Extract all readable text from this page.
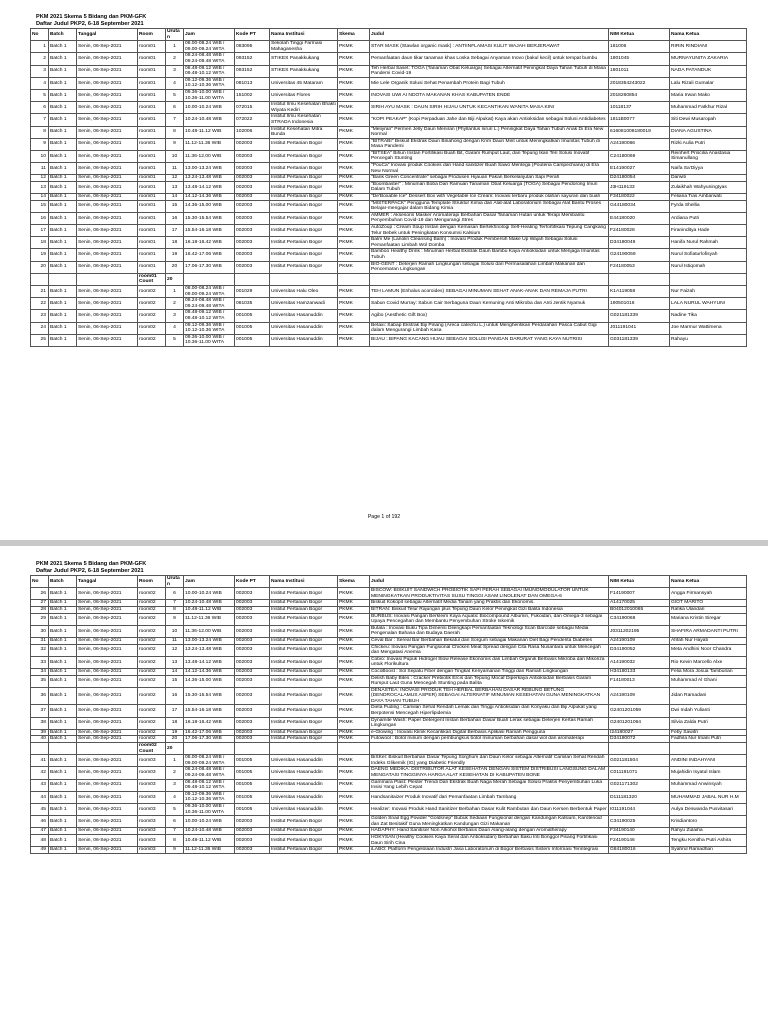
PKM 2021 Skema 5 Bidang dan PKM-GFK
Daftar Judul PKP2, 6-18 September 2021
No	Batch	Tanggal	Room	Urutan	Jam	Kode PT	Nama Institusi	Skema	Judul	NIM Ketua	Nama Ketua
1	Batch 1	Senin, 06-Sep-2021	room01	1	08.00-08.24 WIB / 09.00-09.24 WITA	083095	Sekolah Tinggi Farmasi Mahaganesha	PKMK	STAR MASK (Stawlan organic mask) : ANTIINFLAMASI KULIT WAJAH BERJERAWAT	181006	RIRIN RINDIANI
2	Batch 1	Senin, 06-Sep-2021	room01	2	08.24-08.48 WIB / 09.24-09.48 WITA	093152	STIKES Panakkukang	PKMK	Pemanfaatan daun tikar tanaman khas Loska Sebagai Anyaman Inovo (bakul kecil) untuk tempat bumbu	1801045	MURNAYUNITA ZAKARIA
3	Batch 1	Senin, 06-Sep-2021	room01	3	08.48-09.12 WIB / 09.48-10.12 WITA	093152	STIKES Panakkukang	PKMK	Teh Herbal Saset: TOGA (Tanaman Obat Keluarga) Sebagai Alternatif Peningkat Daya Tahan Tubuh di Masa Pandemi Covid-19	1801011	NADA PATANDUK
4	Batch 1	Senin, 06-Sep-2021	room01	4	09.12-09.36 WIB / 10.12-10.36 WITA	081013	Universitas 45 Mataram	PKMK	Mie Lele Organik Solusi Sehat Penambah Protein Bagi Tubuh	2018354243022	Lalu Rizali Gumalar
5	Batch 1	Senin, 06-Sep-2021	room01	5	09.36-10.00 WIB / 10.36-11.00 WITA	151002	Universitas Flores	PKMK	INOVASI UWI AI NDOTA MAKANAN KHAS KABUPATEN ENDE	2018260854	Maria Irwan Mako
6	Batch 1	Senin, 06-Sep-2021	room01	6	10.00-10.24 WIB	072015	Institut Ilmu Kesehatan Bhakti Wiyata Kediri	PKMK	SIRIH AYU MASK : DAUN SIRIH HIJAU UNTUK KECANTIKAN WANITA MASA KINI	10118137	Muhammad Fatkhur Rizal
7	Batch 1	Senin, 06-Sep-2021	room01	7	10.24-10.48 WIB	072022	Institut Ilmu Kesehatan STRADA Indonesia	PKMK	"KOPI PEAKAP" (Kopi Perpaduan Jahe dan Biji Alpukat) Kaya akan Antioksidan sebagai Solusi Antidiabetes	1811B0077	Siti Dewi Musaropah
8	Batch 1	Senin, 06-Sep-2021	room01	8	10.48-11.12 WIB	102006	Institut Kesehatan Mitra Bunda	PKMK	"Meliyran" Permen Jelly Daun Meniran (Phyllantus niruri L.) Peningkat Daya Tahan Tubuh Anak Di Era New Normal	616081008180019	DIANA AGUSTINA
9	Batch 1	Senin, 06-Sep-2021	room01	9	11.12-11.36 WIB	002003	Institut Pertanian Bogor	PKMK	"BITRABI" Biskuit Ekstrak Daun Binahong dengan Krim Daun Mint untuk Meningkatkan Imunitas Tubuh di Masa Pandemi	A24190066	Rizki Aulia Putri
10	Batch 1	Senin, 06-Sep-2021	room01	10	11.36-12.00 WIB	002003	Institut Pertanian Bogor	PKMK	"BITSEA" Bihun Instan Fortifikasi Buah Bit, Garam Rumput Laut, dan Tepung Ikan Teri Solusi Inovatif Pencegah Stunting	C24180069	Reinhert Priscilia Anastasia Simanullang
11	Batch 1	Senin, 06-Sep-2021	room01	11	13.00-13.24 WIB	002003	Institut Pertanian Bogor	PKMK	"PouCa" Inovasi produk Cookies dan Hand sanitizer Buah Sawo Mentega (Pouteria Campechiana) di Era New Normal	E14190027	Naifa Sa'Diyya
12	Batch 1	Senin, 06-Sep-2021	room01	12	13.24-13.48 WIB	002003	Institut Pertanian Bogor	PKMK	"Bank Green Concentrate" sebagai Produsen Hijauan Pakan Berkelanjutan Sapi Perah	D24180054	Darwiti
13	Batch 1	Senin, 06-Sep-2021	room01	13	13.48-14.12 WIB	002003	Institut Pertanian Bogor	PKMK	"Boombaster" : Minuman Boba Dari Ramuan Tanaman Obat Keluarga (TOGA) Sebagai Pendorong Imun Dalam Tubuh	J3H119133	Zulaikhah Wahyuningtyas
14	Batch 1	Senin, 06-Sep-2021	room01	14	14.12-14.36 WIB	002003	Institut Pertanian Bogor	PKMK	"De'Boxable Ice" Dessert Box with Vegetable Ice Cream: Inovasi terbaru produk olahan sayuran dan buah	F34180022	Feliana Tias Ambarwati
15	Batch 1	Senin, 06-Sep-2021	room01	15	14.36-15.00 WIB	002003	Institut Pertanian Bogor	PKMK	"MISTERPACK" Pengguna Template Struktur Kimia dan Alat-alat Laboratorium Sebagai Alat Bantu Proses Belajar-mengajar dalam Bidang Kimia	G44180034	Fyrda Shellia
16	Batch 1	Senin, 06-Sep-2021	room01	16	15.30-15.54 WIB	002003	Institut Pertanian Bogor	PKMK	AMMER : Aksesoris Masker Aromaterapi Berbahan Dasar Tanaman Hutan untuk Terapi Membantu Penyembuhan Covid-19 dan Mengurangi Stres	E44180020	Ardiana Putri
17	Batch 1	Senin, 06-Sep-2021	room01	17	15.54-16.18 WIB	002003	Institut Pertanian Bogor	PKMK	AutoZoup : Cream Soup Instan dengan Kemasan Bertekhnologi Self-Heating Terfortifikasi Tepung Cangkang Telur Bebek untuk Peningkatan Konsumsi Kalsium	F24180028	Firaninditya Hade
18	Batch 1	Senin, 06-Sep-2021	room01	18	16.18-16.42 WIB	002003	Institut Pertanian Bogor	PKMK	Balm Me (Lanolin Cleansing Balm) : Inovasi Produk Pembersih Make Up Wajah Sebagai Solusi Pemanfaatan Limbah Wol Domba	D34180049	Hanifa Nurul Rahmah
19	Batch 1	Senin, 06-Sep-2021	room01	19	16.42-17.06 WIB	002003	Institut Pertanian Bogor	PKMK	Bamboo Healthy Drink : Minuman Herbal Ekstrak Daun Bambu Kaya Antioksidan untuk Menjaga Imunitas Tubuh	G24190059	Nurul Sofiaturlofisyah
20	Batch 1	Senin, 06-Sep-2021	room01	20	17.06-17.30 WIB	002003	Institut Pertanian Bogor	PKMK	BIO-GENT : Deterjen Ramah Lingkungan sebagai Solusi dari Permasalahan Limbah Makanan dan Pencemaran Lingkungan	F24180053	Nurul Istiqomah
			room01 Count	20							
21	Batch 1	Senin, 06-Sep-2021	room02	1	08.00-08.24 WIB / 09.00-09.24 WITA	001029	Universitas Halu Oleo	PKMK	TEH LAMUN (Enhalus acoroides) SEBAGAI MINUMAN SEHAT ANAK-ANAK DAN REMAJA PUTRI	K1A119058	Nur Faizah
22	Batch 1	Senin, 06-Sep-2021	room02	2	08.24-08.48 WIB / 09.24-09.48 WITA	081035	Universitas Hamzanwadi	PKMK	Sabun Covid Murray: Sabun Cair Serbaguna Daun Kemuning Anti Mikroba dan Anti Jentik Nyamuk	190501016	LALA NURUL WAHYUNI
23	Batch 1	Senin, 06-Sep-2021	room02	3	08.48-09.12 WIB / 09.48-10.12 WITA	001005	Universitas Hasanuddin	PKMK	Agibo (Aesthetic Gift Box)	G021181339	Nadine Tika
24	Batch 1	Senin, 06-Sep-2021	room02	4	09.12-09.36 WIB / 10.12-10.36 WITA	001005	Universitas Hasanuddin	PKMK	Betaxi: Sabap Ekstrak Biji Pinang (Areca catechu L.) untuk Menghentikan Perdarahan Pasca Cabut Gigi dalam Mengurangi Limbah Kasa	J011191041	Joe Marmur Wattimena
25	Batch 1	Senin, 06-Sep-2021	room02	5	09.36-10.00 WIB / 10.36-11.00 WITA	001005	Universitas Hasanuddin	PKMK	BIJAU : BIPANG KACANG HIJAU SEBAGAI SOLUSI PANGAN DARURAT YANG KAYA NUTRISI	G031181339	Rahayu
Page 1 of 192
PKM 2021 Skema 5 Bidang dan PKM-GFK
Daftar Judul PKP2, 6-18 September 2021
No	Batch	Tanggal	Room	Urutan	Jam	Kode PT	Nama Institusi	Skema	Judul	NIM Ketua	Nama Ketua
26	Batch 1	Senin, 06-Sep-2021	room02	6	10.00-10.24 WIB	002003	Institut Pertanian Bogor	PKMK	BISCOW: BISKUIT SANDWICH PROBIOTIK SAPI PERAH SEBAGAI IMUNOMODULATOR UNTUK MENINGKATKAN PRODUKTIVITAS SUSU TINGGI ASAM LINOLENAT DAN OMEGA-6	F14190007	Angga Firmansyah
27	Batch 1	Senin, 06-Sep-2021	room02	7	10.24-10.48 WIB	002003	Institut Pertanian Bogor	PKMK	Biskuit Kokopit sebagai Alternatif Media Tanam yang Praktis dan Ekonomis.	A14170025	GIOT MARITO
28	Batch 1	Senin, 06-Sep-2021	room02	8	10.48-11.12 WIB	002003	Institut Pertanian Bogor	PKMK	BITRAN: Biskuit Telur Rajungan plus Tepung Daun Kelor Peningkat Gizi Balita Indonesia	B04012010065	Rafika Ulandari
29	Batch 1	Senin, 06-Sep-2021	room02	9	11.12-11.36 WIB	002003	Institut Pertanian Bogor	PKMK	BURBUS: Inovasi Pangan Berkleim Kaya Aquatic Biocompound Albumin, Fukoidan, dan Omega-3 sebagai Upaya Pencegahan dan Membantu Penyembuhan Stroke Iskemik	C34190068	Mariana Kristin Siregar
30	Batch 1	Senin, 06-Sep-2021	room02	10	11.36-12.00 WIB	002003	Institut Pertanian Bogor	PKMK	Butala : Inovasi Buku Tipa Dimensi Dilengkapi Pemanfaatan Teknologi Scan Barcode sebagai Media Pengenalan Bahasa dan Budaya Daerah	J0311202195	SHAFIRA ARMADANTI PUTRI
31	Batch 1	Senin, 06-Sep-2021	room02	11	13.00-13.24 WIB	002003	Institut Pertanian Bogor	PKMK	Ceval Bar : Sereal Bar Berbahan Bekatul dan Sorgum sebagai Makanan Diet Bagi Penderita Diabetes	A24190109	Afifah Nur Hayati
32	Batch 1	Senin, 06-Sep-2021	room02	12	13.24-13.48 WIB	002003	Institut Pertanian Bogor	PKMK	Chickeu: Inovasi Pangan Fungsional Chicken Meat Spread dengan Cita Rasa Nusantara untuk Mencegah dan Mengatasi Anemia	D34190052	Meta Andhini Noor Chandra
33	Batch 1	Senin, 06-Sep-2021	room02	13	13.48-14.12 WIB	002003	Institut Pertanian Bogor	PKMK	Cobio: Inovasi Pupuk Hidrogel Slow Release Ekonomis dari Limbah Organik Berbasis Mikroba dan Mikoriza untuk Florikultura	A14190032	Rio Kevin Marcello Alxe
34	Batch 1	Senin, 06-Sep-2021	room02	14	14.12-14.36 WIB	002003	Institut Pertanian Bogor	PKMK	CocoBoost : Sol Sepatu Fiber dengan Tingkat Kenyamanan Tinggi dan Ramah Lingkungan	H34180133	Felia Mora Josua Tambunan
35	Batch 1	Senin, 06-Sep-2021	room02	15	14.36-15.00 WIB	002003	Institut Pertanian Bogor	PKMK	Delish Baby Bites : Cracker Prebiotik Ercis dan Tepung Mocaf Diperkaya Antioksidan Berbasis Garam Rumput Laut Guna Mencegah Stunting pada Balita	F14180013	Muhammad Al Ghani
36	Batch 1	Senin, 06-Sep-2021	room02	16	15.30-15.54 WIB	002003	Institut Pertanian Bogor	PKMK	DENASTEA: INOVASI PRODUK TEH HERBAL BERBAHAN DASAR REBUNG BETUNG (DENDROCALAMUS ASPER) SEBAGAI ALTERNATIF MINUMAN KESEHATAN GUNA MENINGKATKAN DAYA TAHAN TUBUH	A24190109	Jidan Ramadani
37	Batch 1	Senin, 06-Sep-2021	room02	17	15.54-16.18 WIB	002003	Institut Pertanian Bogor	PKMK	Dieta Puding : Camilan Sehat Rendah Lemak dan Tinggi Antioksidan dari Konyaku dan Biji Alpukat yang Berpotensi Mencegah Hiperlipidemia	G2401201059	Dwi Indah Yulianti
38	Batch 1	Senin, 06-Sep-2021	room02	18	16.18-16.42 WIB	002003	Institut Pertanian Bogor	PKMK	Dynamite Wash: Paper Detergent Instan Berbahan Dasar Buah Lerak sebagai Deterjen Kertas Ramah Lingkungan	G2401201064	Silvia Zalda Putri
39	Batch 1	Senin, 06-Sep-2021	room02	19	16.42-17.06 WIB	002003	Institut Pertanian Bogor	PKMK	e-Glowing : Inovasi Klinik Kecantikan Digital Berbasis Aplikasi Ramah Pengguna	I24180027	Feby Sawitri
40	Batch 1	Senin, 06-Sep-2021	room02	20	17.06-17.30 WIB	002003	Institut Pertanian Bogor	PKMK	Futowool : Botol minum dengan pembungkus botol minuman berbahan dasar wol dan aromaterapi	D34180072	Fadhila Nur Imani Putri
			room02 Count	20							
41	Batch 1	Senin, 06-Sep-2021	room03	1	08.00-08.24 WIB / 09.00-09.24 WITA	001005	Universitas Hasanuddin	PKMK	BiSKel: Biskuit Berbahan Dasar Tepung Sorghum dan Daun Kelor sebagai Alternatif Camilan Sehat Rendah Indeks Glikemik (IG) yang Diabetic Friendly	G021181504	ANDINI INDAHYANI
42	Batch 1	Senin, 06-Sep-2021	room03	2	08.24-08.48 WIB / 09.24-09.48 WITA	001005	Universitas Hasanuddin	PKMK	DAENG MEDIKA: DISTRIBUTOR ALAT KESEHATAN DENGAN SISTEM DISTRIBUSI LANGSUNG DALAM MENGATASI TINGGINYA HARGA ALAT KESEHATAN DI KABUPATEN BONE	C011191071	Mujahidin Isyatul Islam
43	Batch 1	Senin, 06-Sep-2021	room03	3	08.48-09.12 WIB / 09.48-10.12 WITA	001005	Universitas Hasanuddin	PKMK	Gammara Plast: Plester Trendi Dari Ekstrak Buah Naga Merah Sebagai Solusi Praktis Penyembuhan Luka Insisi Yang Lebih Cepat	G021171302	Muhammad Anwinsyah
44	Batch 1	Senin, 06-Sep-2021	room03	4	09.12-09.36 WIB / 10.12-10.36 WITA	001005	Universitas Hasanuddin	PKMK	Handsanitaizer Produk Inovatif dari Pemanfaatan Limbah Tambang	D111181320	MUHAMMAD JABAL NUR H.M
45	Batch 1	Senin, 06-Sep-2021	room03	5	09.36-10.00 WIB / 10.36-11.00 WITA	001005	Universitas Hasanuddin	PKMK	Healizer: Inovasi Produk Hand Sanitizer Berbahan Dasar Kulit Rambutan dan Daun Kersen Berbentuk Paper	I011191044	Aulya Deswanda Pusvitasari
46	Batch 1	Senin, 06-Sep-2021	room03	6	10.00-10.24 WIB	002003	Institut Pertanian Bogor	PKMK	Golden Snail Egg Powder "Goldsnep" Bubuk Sediaan Fungsional dengan Kandungan Kalsium, Karotenoid dan Zat Besitakif Guna Meningkatkan Kandungan Gizi Makanan	C34190025	Krisdiantoro
47	Batch 1	Senin, 06-Sep-2021	room03	7	10.24-10.48 WIB	002003	Institut Pertanian Bogor	PKMK	HADAPHY: Hand Sanitiser Non Alkohol Berbasis Daun Alang-alang dengan Aromatherapy	F34190140	Rahyu Zulaiha
48	Batch 1	Senin, 06-Sep-2021	room03	8	10.48-11.12 WIB	002003	Institut Pertanian Bogor	PKMK	HOKYSAN (Healthy Cookies Kaya Serat dan Antioksidan) Berbahan Baku Inti Bonggol Pisang Fortifikasi Daun Sirih Cina	F24190146	Tengku Kenitha Putri Ashira
49	Batch 1	Senin, 06-Sep-2021	room03	9	11.12-11.36 WIB	002003	Institut Pertanian Bogor	PKMK	iLABO: Platform Pengelolaan Industri Jasa Laboratorium di Bogor Berbasis Sistem Informasi Terintegrasi	G84180016	Syahrul Ramadhan
